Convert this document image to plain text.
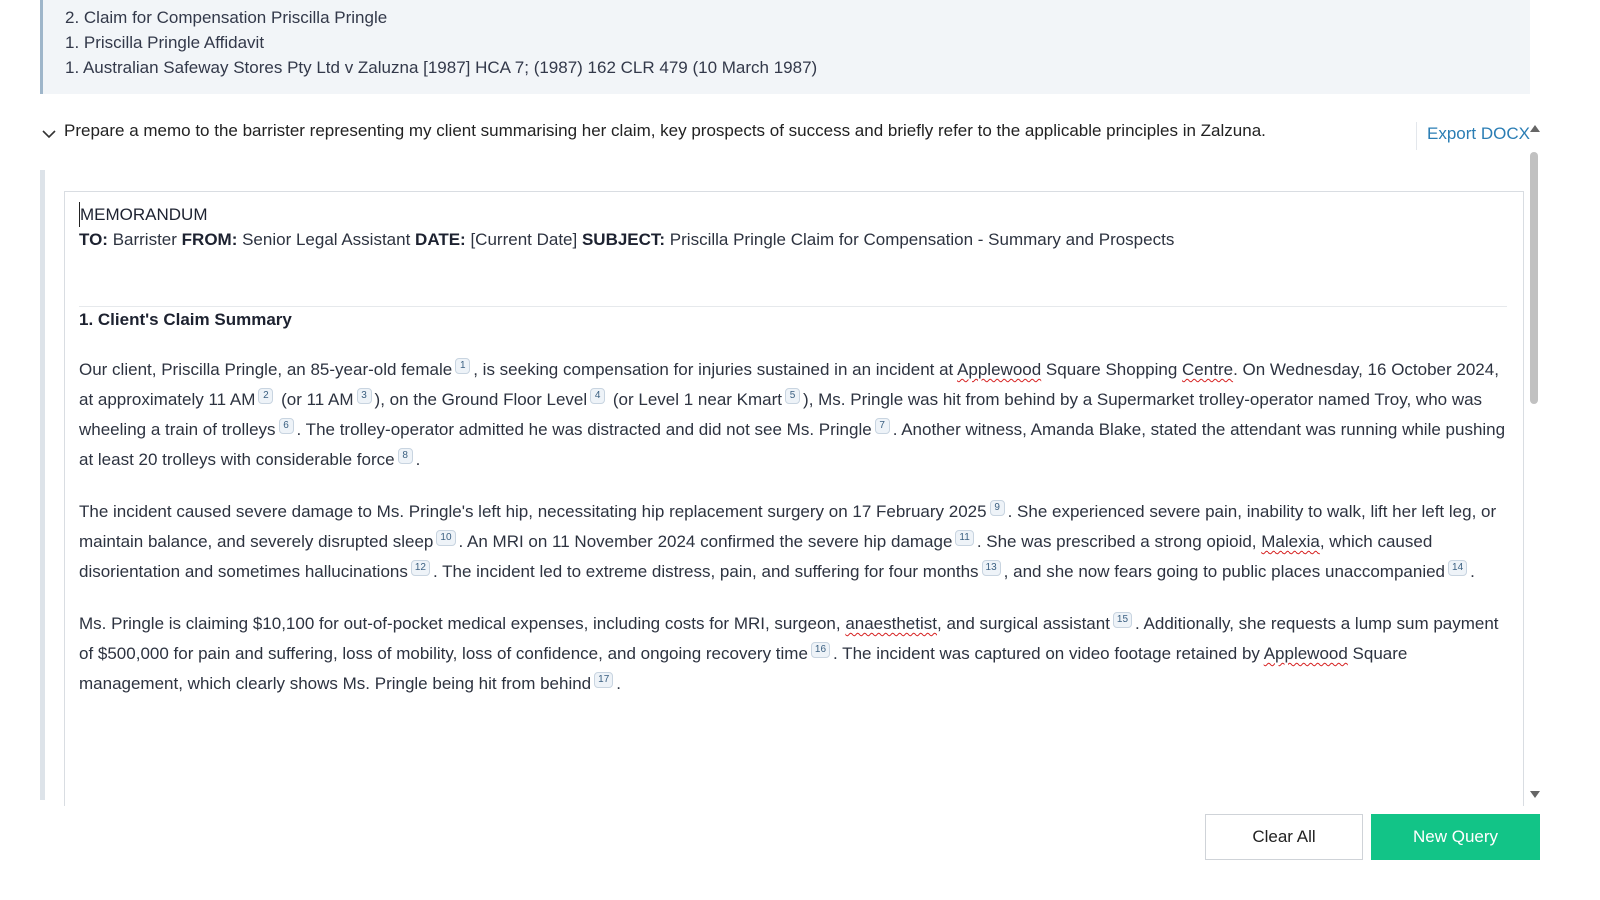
2. Claim for Compensation Priscilla Pringle
1. Priscilla Pringle Affidavit
1. Australian Safeway Stores Pty Ltd v Zaluzna [1987] HCA 7; (1987) 162 CLR 479 (10 March 1987)
Prepare a memo to the barrister representing my client summarising her claim, key prospects of success and briefly refer to the applicable principles in Zalzuna.	Export DOCX

MEMORANDUM

TO: Barrister FROM: Senior Legal Assistant DATE: [Current Date] SUBJECT: Priscilla Pringle Claim for Compensation - Summary and Prospects

1. Client's Claim Summary

Our client, Priscilla Pringle, an 85-year-old female 1 , is seeking compensation for injuries sustained in an incident at Applewood Square Shopping Centre. On Wednesday, 16 October 2024, at approximately 11 AM 2 (or 11 AM 3 ), on the Ground Floor Level 4 (or Level 1 near Kmart 5 ), Ms. Pringle was hit from behind by a Supermarket trolley-operator named Troy, who was wheeling a train of trolleys 6 . The trolley-operator admitted he was distracted and did not see Ms. Pringle 7 . Another witness, Amanda Blake, stated the attendant was running while pushing at least 20 trolleys with considerable force 8 .

The incident caused severe damage to Ms. Pringle's left hip, necessitating hip replacement surgery on 17 February 2025 9 . She experienced severe pain, inability to walk, lift her left leg, or maintain balance, and severely disrupted sleep 10 . An MRI on 11 November 2024 confirmed the severe hip damage 11 . She was prescribed a strong opioid, Malexia, which caused disorientation and sometimes hallucinations 12 . The incident led to extreme distress, pain, and suffering for four months 13 , and she now fears going to public places unaccompanied 14 .

Ms. Pringle is claiming $10,100 for out-of-pocket medical expenses, including costs for MRI, surgeon, anaesthetist, and surgical assistant 15 . Additionally, she requests a lump sum payment of $500,000 for pain and suffering, loss of mobility, loss of confidence, and ongoing recovery time 16 . The incident was captured on video footage retained by Applewood Square management, which clearly shows Ms. Pringle being hit from behind 17 .

Clear All	New Query
